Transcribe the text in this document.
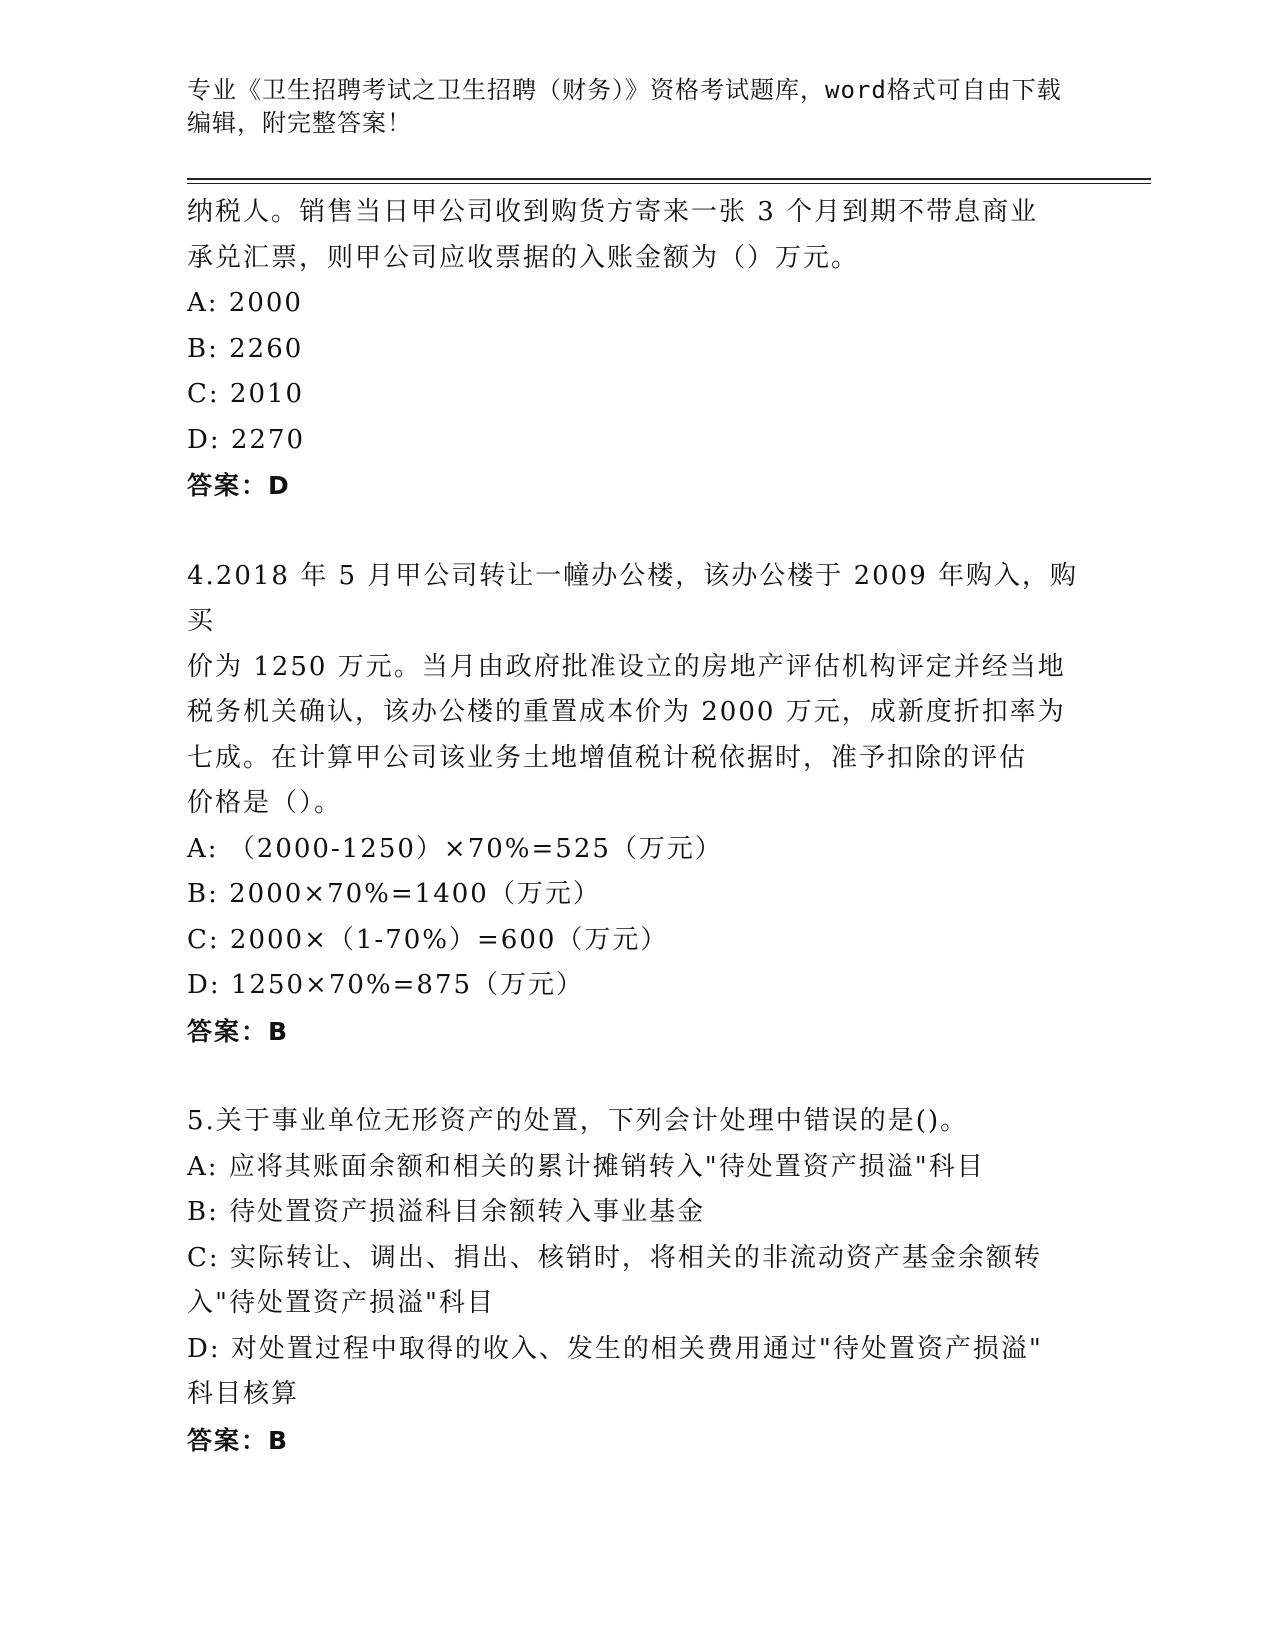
专业《卫生招聘考试之卫生招聘（财务）》资格考试题库，word格式可自由下载
编辑，附完整答案！

纳税人。销售当日甲公司收到购货方寄来一张 3 个月到期不带息商业

承兑汇票，则甲公司应收票据的入账金额为（）万元。

A: 2000

B: 2260

C: 2010

D: 2270

答案：D

4.2018 年 5 月甲公司转让一幢办公楼，该办公楼于 2009 年购入，购买

价为 1250 万元。当月由政府批准设立的房地产评估机构评定并经当地

税务机关确认，该办公楼的重置成本价为 2000 万元，成新度折扣率为

七成。在计算甲公司该业务土地增值税计税依据时，准予扣除的评估

价格是（）。

A: （2000-1250）×70%=525（万元）

B: 2000×70%=1400（万元）

C: 2000×（1-70%）=600（万元）

D: 1250×70%=875（万元）

答案：B

5.关于事业单位无形资产的处置，下列会计处理中错误的是()。

A: 应将其账面余额和相关的累计摊销转入"待处置资产损溢"科目

B: 待处置资产损溢科目余额转入事业基金

C: 实际转让、调出、捐出、核销时，将相关的非流动资产基金余额转

入"待处置资产损溢"科目

D: 对处置过程中取得的收入、发生的相关费用通过"待处置资产损溢"

科目核算

答案：B
